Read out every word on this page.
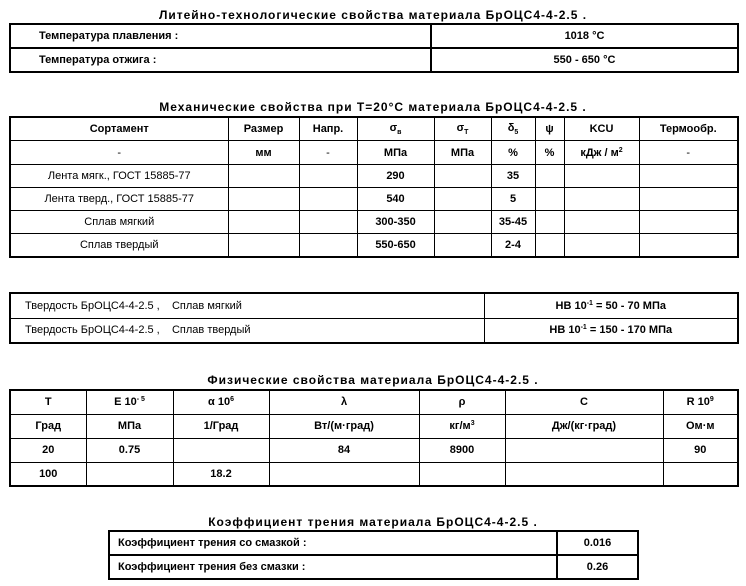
Литейно-технологические свойства материала БрОЦС4-4-2.5 .
Температура плавления :	1018 °C
Температура отжига :	550 - 650 °C
Механические свойства при Т=20°С материала БрОЦС4-4-2.5 .
Сортамент	Размер	Напр.	$\sigma_в$	$\sigma_T$	$\delta_5$	ψ	KCU	Термообр.
-	мм	-	МПа	МПа	%	%	кДж / $м^2$	-
Лента мягк., ГОСТ 15885-77			290		35			
Лента тверд., ГОСТ 15885-77			540		5			
Сплав мягкий			300-350		35-45			
Сплав твердый			550-650		2-4			
Твердость БрОЦС4-4-2.5 , Сплав мягкий	HB $10^{-1} = 50 - 70$ МПа
Твердость БрОЦС4-4-2.5 , Сплав твердый	HB $10^{-1} = 150 - 170$ МПа
Физические свойства материала БрОЦС4-4-2.5 .
T	E $10^{- 5}$	α $10^6$	λ	ρ	C	R $10^9$
Град	МПа	1/Град	Вт/(м·град)	$кг/м^3$	Дж/(кг·град)	Ом·м
20	0.75		84	8900		90
100		18.2				
Коэффициент трения материала БрОЦС4-4-2.5 .
Коэффициент трения со смазкой :	0.016
Коэффициент трения без смазки :	0.26
